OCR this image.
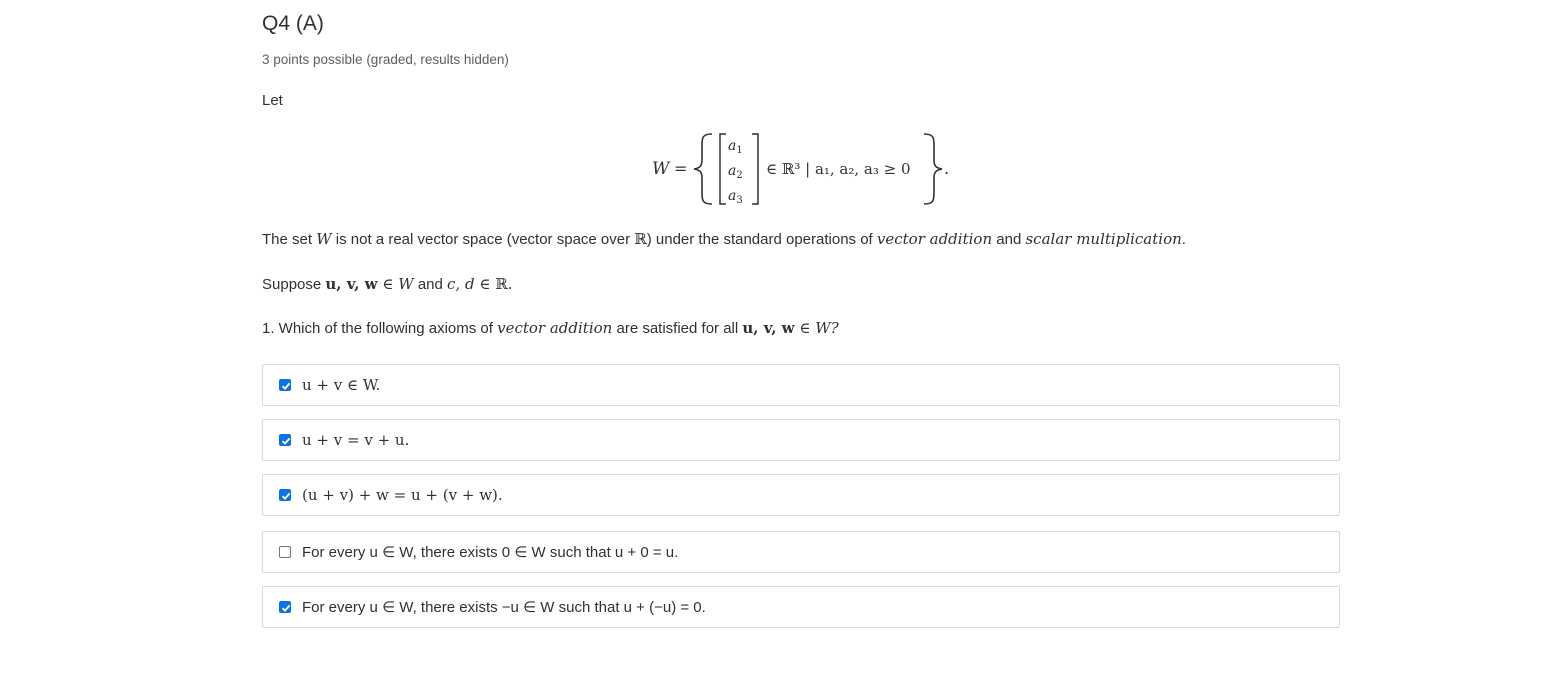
Q4 (A)
3 points possible (graded, results hidden)
Let
W =
$a_1$
$a_2$
$a_3$
∈ ℝ³ | a₁, a₂, a₃ ≥ 0 .
The set W is not a real vector space (vector space over ℝ) under the standard operations of vector addition and scalar multiplication.
Suppose u, v, w ∈ W and c, d ∈ ℝ.
1. Which of the following axioms of vector addition are satisfied for all u, v, w ∈ W?
u + v ∈ W.
u + v = v + u.
(u + v) + w = u + (v + w).
For every u ∈ W, there exists 0 ∈ W such that u + 0 = u.
For every u ∈ W, there exists −u ∈ W such that u + (−u) = 0.
